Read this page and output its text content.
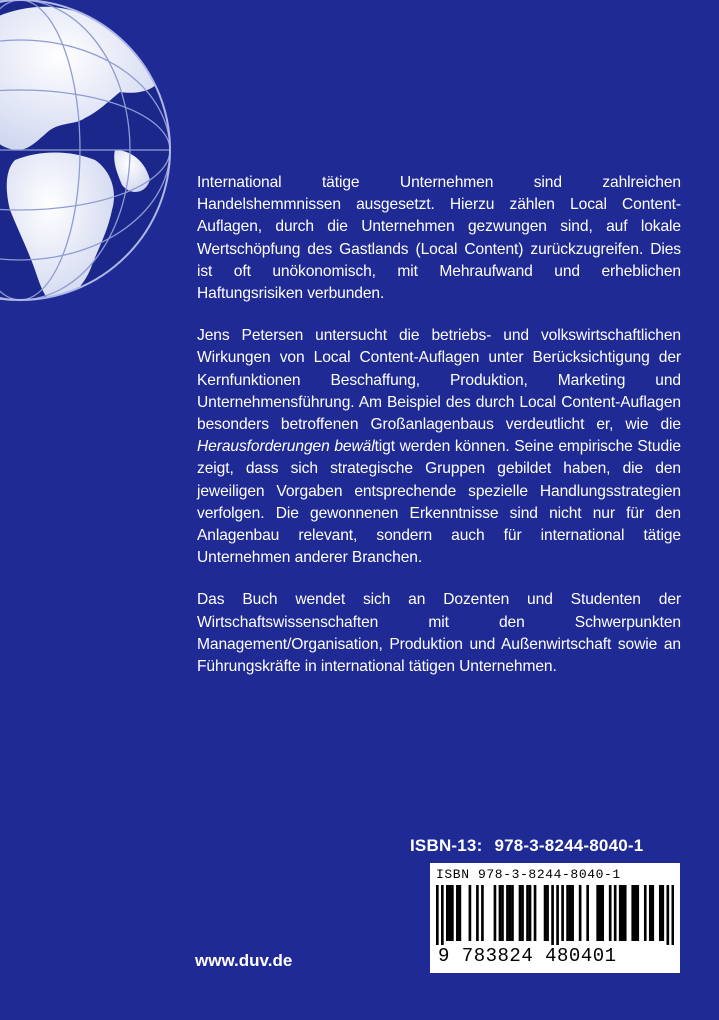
International tätige Unternehmen sind zahlreichen Handelshemmnissen ausgesetzt. Hierzu zählen Local Content-Auflagen, durch die Unternehmen gezwungen sind, auf lokale Wertschöpfung des Gastlands (Local Content) zurückzugreifen. Dies ist oft unökonomisch, mit Mehraufwand und erheblichen Haftungsrisiken verbunden.

Jens Petersen untersucht die betriebs- und volkswirtschaftlichen Wirkungen von Local Content-Auflagen unter Berücksichtigung der Kernfunktionen Beschaffung, Produktion, Marketing und Unternehmensführung. Am Beispiel des durch Local Content-Auflagen besonders betroffenen Großanlagenbaus verdeutlicht er, wie die Herausforderungen bewältigt werden können. Seine empirische Studie zeigt, dass sich strategische Gruppen gebildet haben, die den jeweiligen Vorgaben entsprechende spezielle Handlungsstrategien verfolgen. Die gewonnenen Erkenntnisse sind nicht nur für den Anlagenbau relevant, sondern auch für international tätige Unternehmen anderer Branchen.

Das Buch wendet sich an Dozenten und Studenten der Wirtschaftswissenschaften mit den Schwerpunkten Management/Organisation, Produktion und Außenwirtschaft sowie an Führungskräfte in international tätigen Unternehmen.

ISBN-13: 978-3-8244-8040-1
ISBN 978-3-8244-8040-1
9 783824 480401
www.duv.de
